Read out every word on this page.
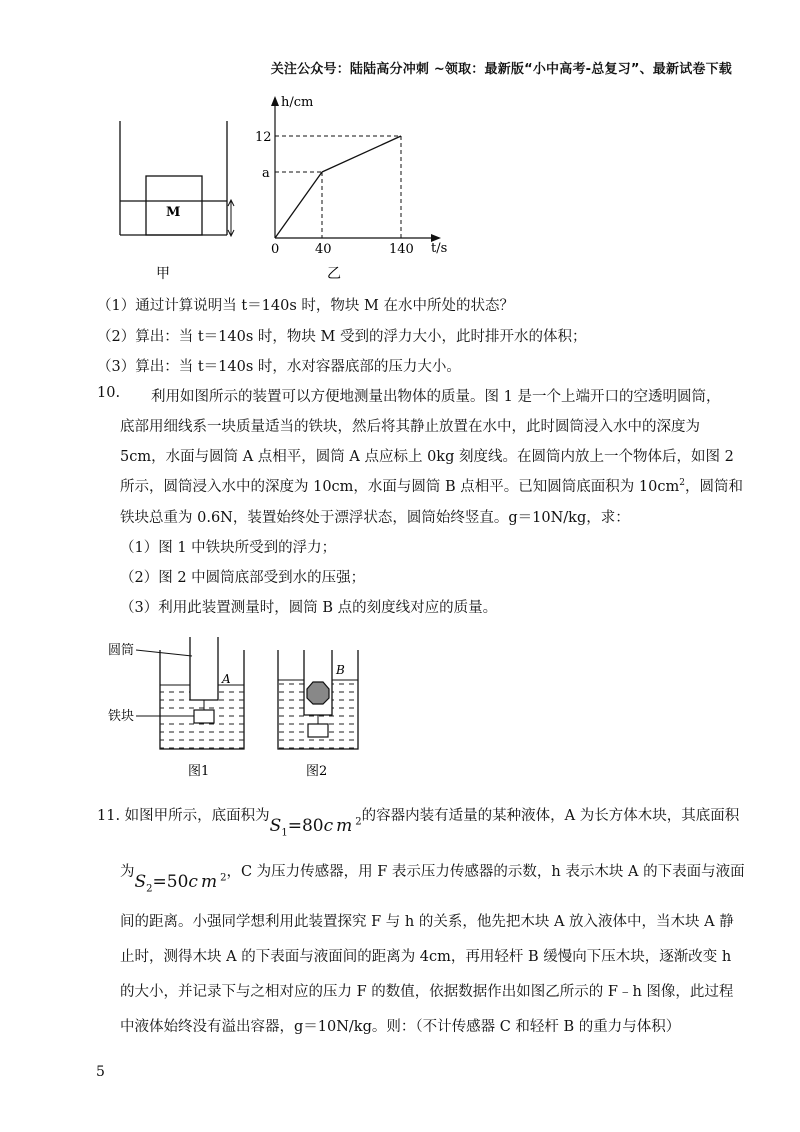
关注公众号：陆陆高分冲刺 ~领取：最新版“小中高考-总复习”、最新试卷下载
M
甲
h/cm
t/s
12
a
0	40	140
乙
（1）通过计算说明当 t＝140s 时，物块 M 在水中所处的状态？
（2）算出：当 t＝140s 时，物块 M 受到的浮力大小，此时排开水的体积；
（3）算出：当 t＝140s 时，水对容器底部的压力大小。
10. 利用如图所示的装置可以方便地测量出物体的质量。图 1 是一个上端开口的空透明圆筒，
底部用细线系一块质量适当的铁块，然后将其静止放置在水中，此时圆筒浸入水中的深度为
5cm，水面与圆筒 A 点相平，圆筒 A 点应标上 0kg 刻度线。在圆筒内放上一个物体后，如图 2
所示，圆筒浸入水中的深度为 10cm，水面与圆筒 B 点相平。已知圆筒底面积为 $10cm^2$，圆筒和
铁块总重为 0.6N，装置始终处于漂浮状态，圆筒始终竖直。g＝10N/kg，求：
（1）图 1 中铁块所受到的浮力；
（2）图 2 中圆筒底部受到水的压强；
（3）利用此装置测量时，圆筒 B 点的刻度线对应的质量。
A
圆筒
铁块
图1
B
图2
11. 如图甲所示，底面积为$S_1=80cm^2$的容器内装有适量的某种液体，A 为长方体木块，其底面积
为$S_2=50cm^2$，C 为压力传感器，用 F 表示压力传感器的示数，h 表示木块 A 的下表面与液面
间的距离。小强同学想利用此装置探究 F 与 h 的关系，他先把木块 A 放入液体中，当木块 A 静
止时，测得木块 A 的下表面与液面间的距离为 4cm，再用轻杆 B 缓慢向下压木块，逐渐改变 h
的大小，并记录下与之相对应的压力 F 的数值，依据数据作出如图乙所示的 F﹣h 图像，此过程
中液体始终没有溢出容器，g＝10N/kg。则：（不计传感器 C 和轻杆 B 的重力与体积）
5
